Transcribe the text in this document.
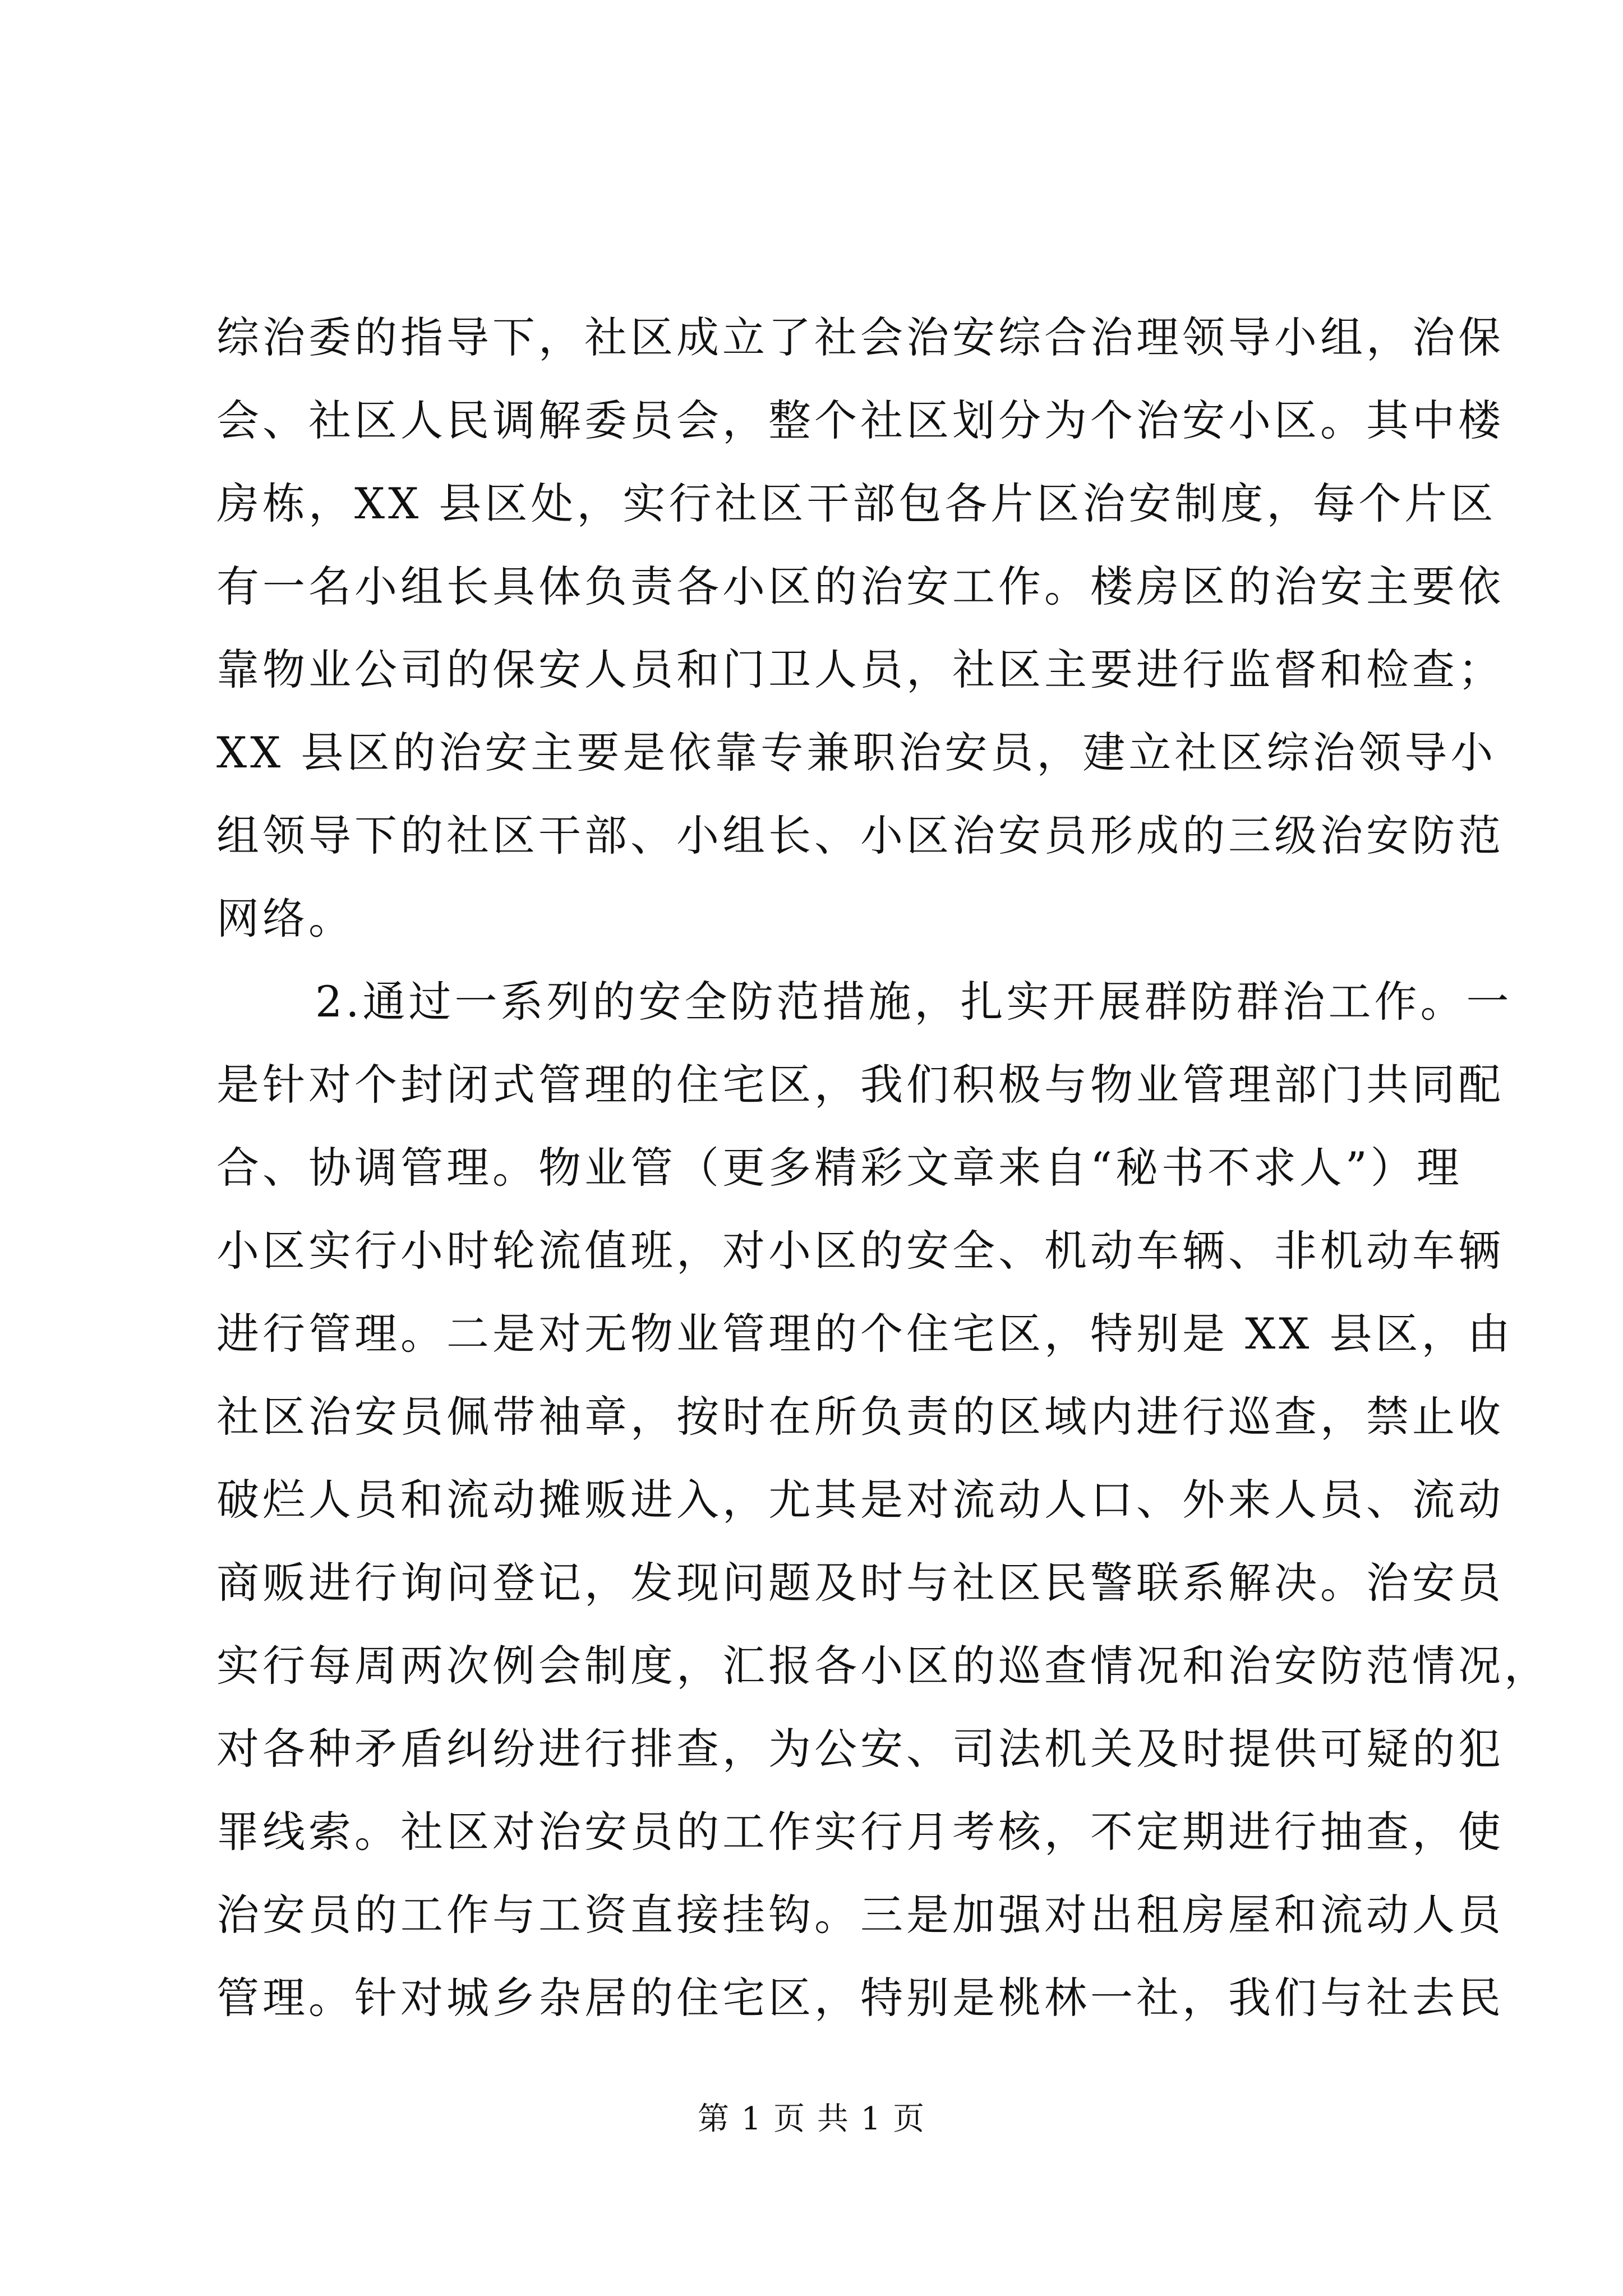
综治委的指导下，社区成立了社会治安综合治理领导小组，治保
会、社区人民调解委员会，整个社区划分为个治安小区。其中楼
房栋，XX 县区处，实行社区干部包各片区治安制度，每个片区
有一名小组长具体负责各小区的治安工作。楼房区的治安主要依
靠物业公司的保安人员和门卫人员，社区主要进行监督和检查；
XX 县区的治安主要是依靠专兼职治安员，建立社区综治领导小
组领导下的社区干部、小组长、小区治安员形成的三级治安防范
网络。
2.通过一系列的安全防范措施，扎实开展群防群治工作。一
是针对个封闭式管理的住宅区，我们积极与物业管理部门共同配
合、协调管理。物业管（更多精彩文章来自“秘书不求人”）理
小区实行小时轮流值班，对小区的安全、机动车辆、非机动车辆
进行管理。二是对无物业管理的个住宅区，特别是 XX 县区，由
社区治安员佩带袖章，按时在所负责的区域内进行巡查，禁止收
破烂人员和流动摊贩进入，尤其是对流动人口、外来人员、流动
商贩进行询问登记，发现问题及时与社区民警联系解决。治安员
实行每周两次例会制度，汇报各小区的巡查情况和治安防范情况，
对各种矛盾纠纷进行排查，为公安、司法机关及时提供可疑的犯
罪线索。社区对治安员的工作实行月考核，不定期进行抽查，使
治安员的工作与工资直接挂钩。三是加强对出租房屋和流动人员
管理。针对城乡杂居的住宅区，特别是桃林一社，我们与社去民
第 1 页 共 1 页
